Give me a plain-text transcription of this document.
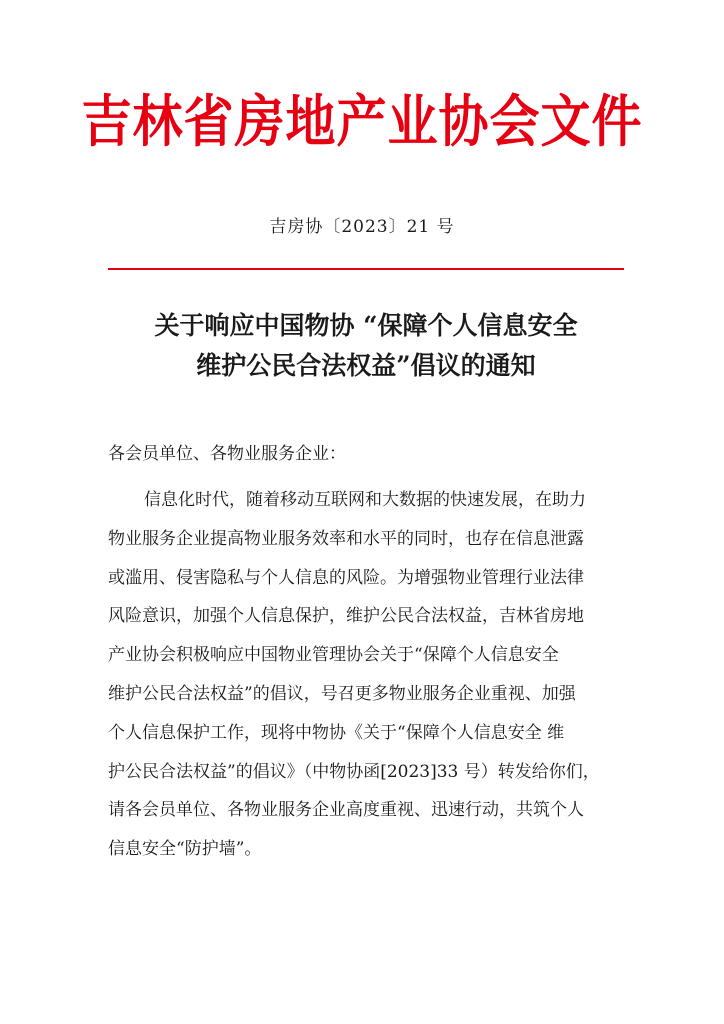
吉林省房地产业协会文件
吉房协〔2023〕21 号
关于响应中国物协 “保障个人信息安全
维护公民合法权益”倡议的通知
各会员单位、各物业服务企业：
信息化时代，随着移动互联网和大数据的快速发展，在助力
物业服务企业提高物业服务效率和水平的同时，也存在信息泄露
或滥用、侵害隐私与个人信息的风险。为增强物业管理行业法律
风险意识，加强个人信息保护，维护公民合法权益，吉林省房地
产业协会积极响应中国物业管理协会关于“保障个人信息安全
维护公民合法权益”的倡议，号召更多物业服务企业重视、加强
个人信息保护工作，现将中物协《关于“保障个人信息安全 维
护公民合法权益”的倡议》（中物协函[2023]33 号）转发给你们，
请各会员单位、各物业服务企业高度重视、迅速行动，共筑个人
信息安全“防护墙”。
